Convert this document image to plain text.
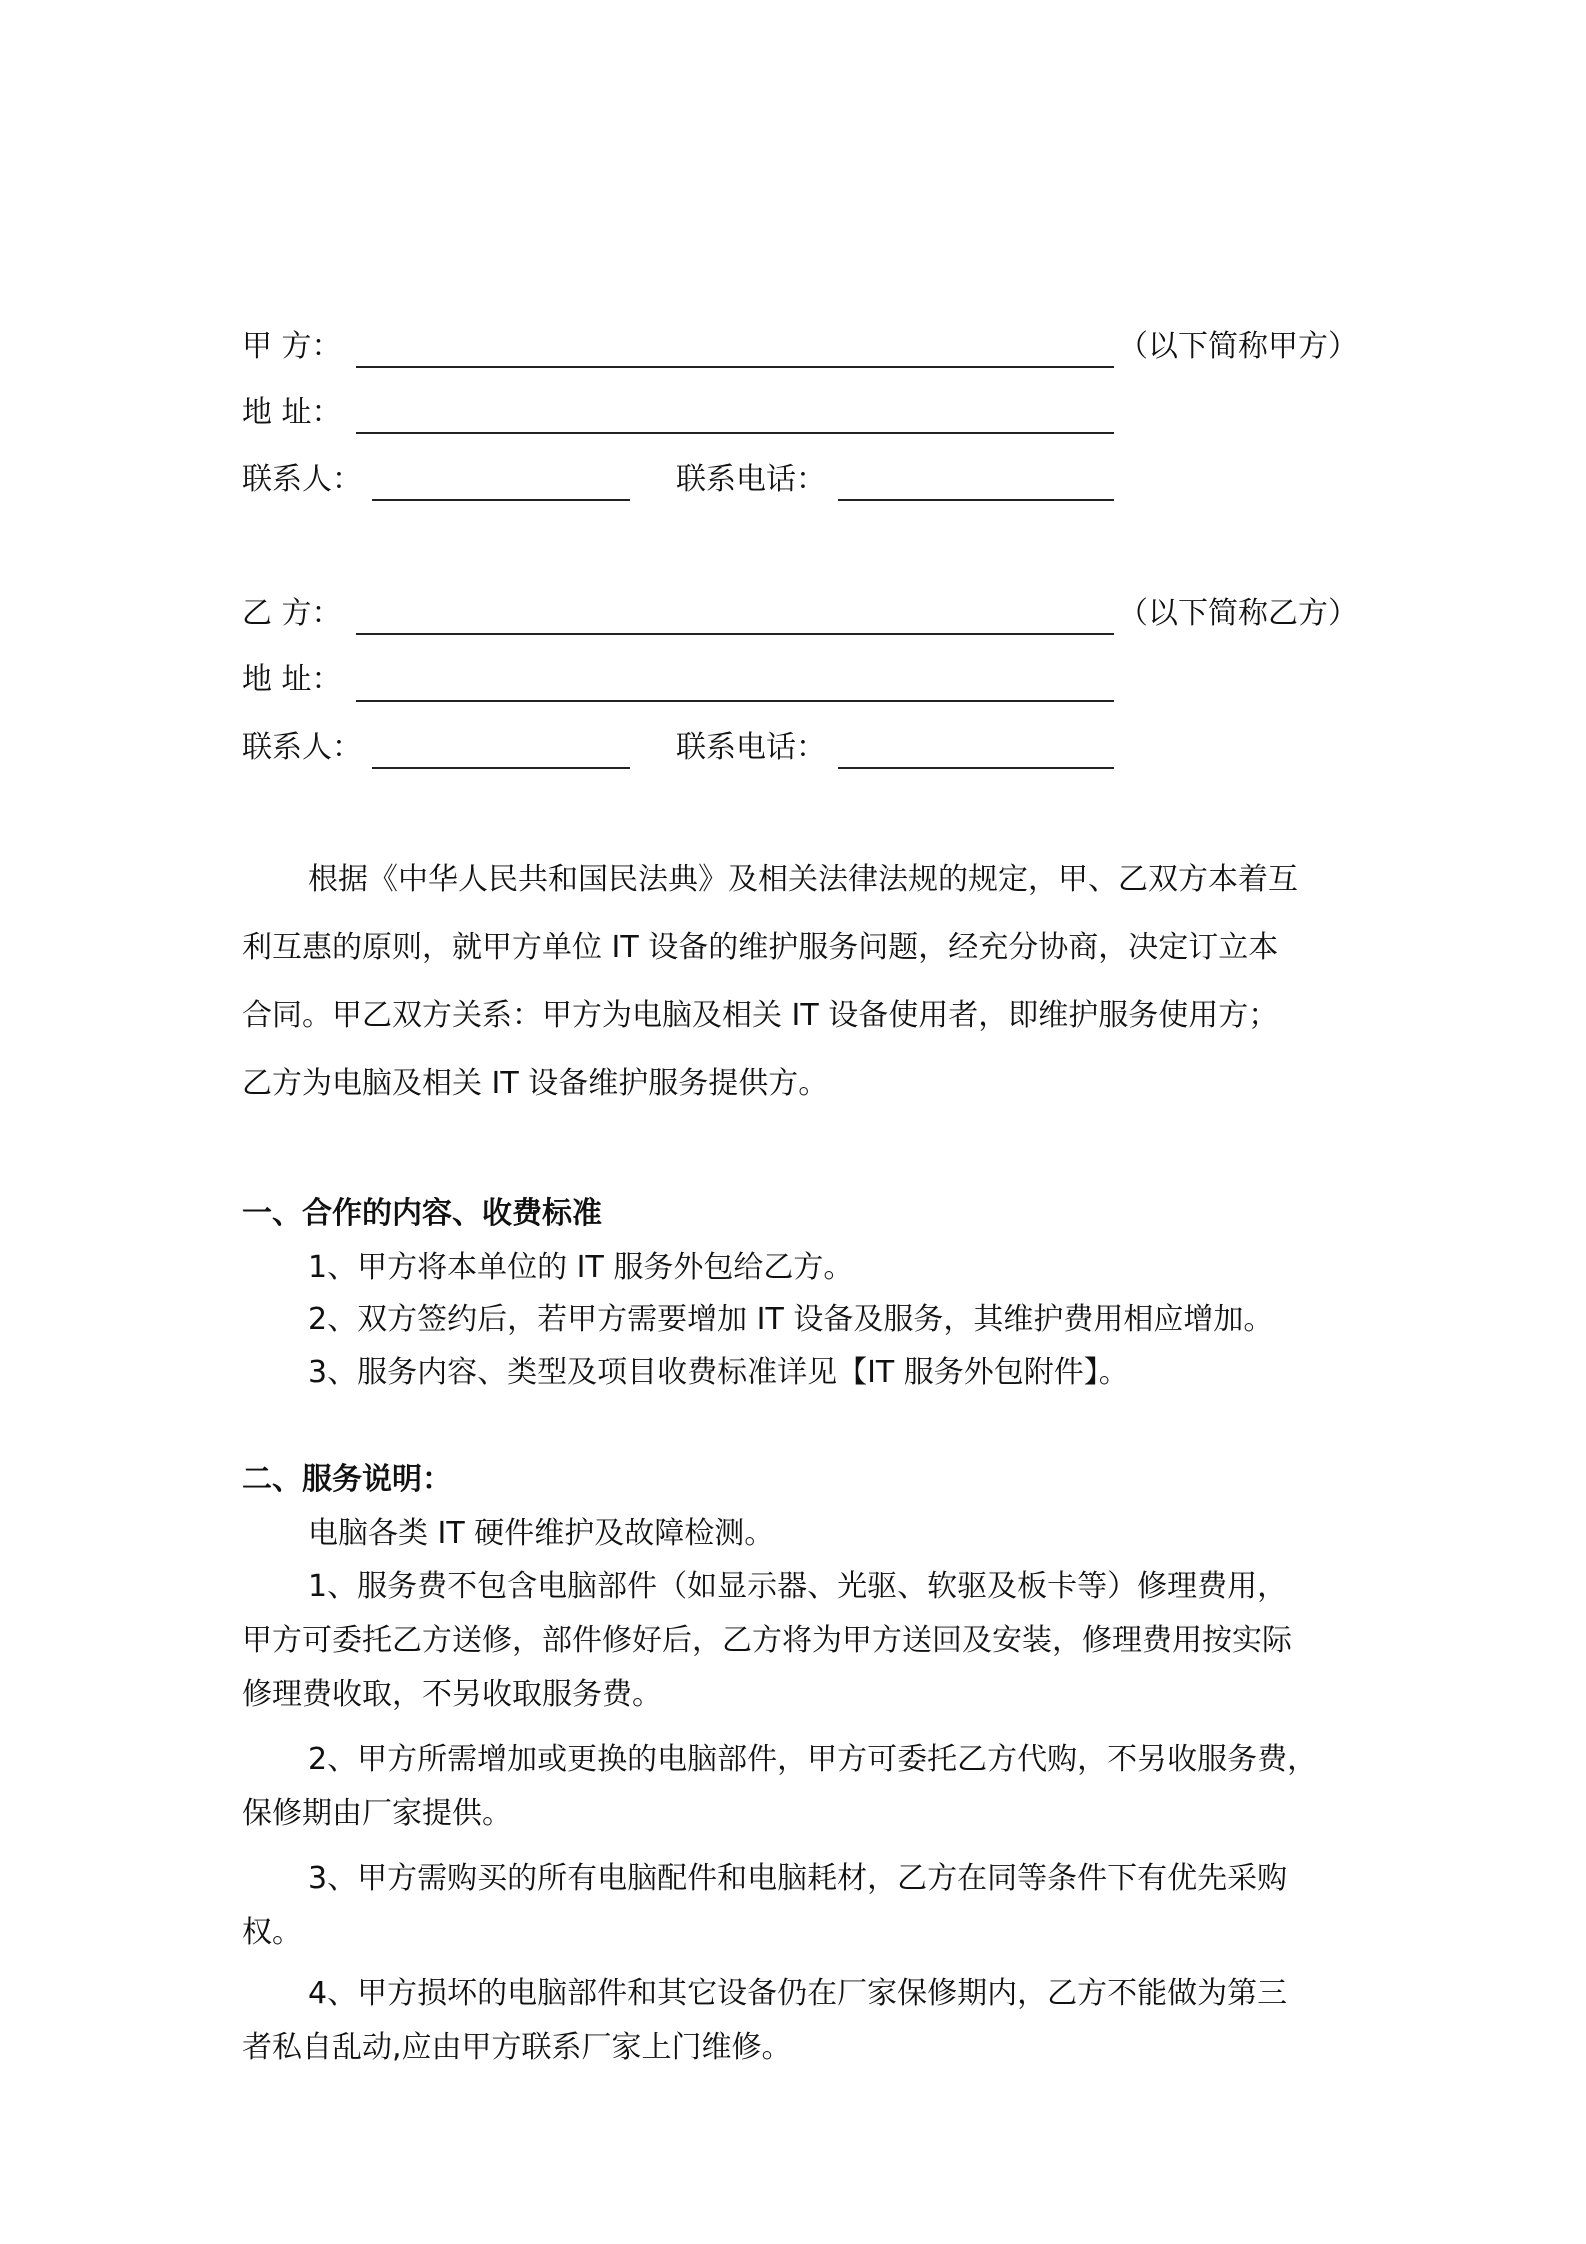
甲 方：	（以下简称甲方）
地 址：
联系人：	联系电话：
乙 方：	（以下简称乙方）
地 址：
联系人：	联系电话：

根据《中华人民共和国民法典》及相关法律法规的规定，甲、乙双方本着互
利互惠的原则，就甲方单位 IT 设备的维护服务问题，经充分协商，决定订立本
合同。甲乙双方关系：甲方为电脑及相关 IT 设备使用者，即维护服务使用方；
乙方为电脑及相关 IT 设备维护服务提供方。

一、合作的内容、收费标准
1、甲方将本单位的 IT 服务外包给乙方。
2、双方签约后，若甲方需要增加 IT 设备及服务，其维护费用相应增加。
3、服务内容、类型及项目收费标准详见【IT 服务外包附件】。
二、服务说明：
电脑各类 IT 硬件维护及故障检测。

1、服务费不包含电脑部件（如显示器、光驱、软驱及板卡等）修理费用，
甲方可委托乙方送修，部件修好后，乙方将为甲方送回及安装，修理费用按实际
修理费收取，不另收取服务费。

2、甲方所需增加或更换的电脑部件，甲方可委托乙方代购，不另收服务费，
保修期由厂家提供。

3、甲方需购买的所有电脑配件和电脑耗材，乙方在同等条件下有优先采购
权。

4、甲方损坏的电脑部件和其它设备仍在厂家保修期内，乙方不能做为第三
者私自乱动,应由甲方联系厂家上门维修。
